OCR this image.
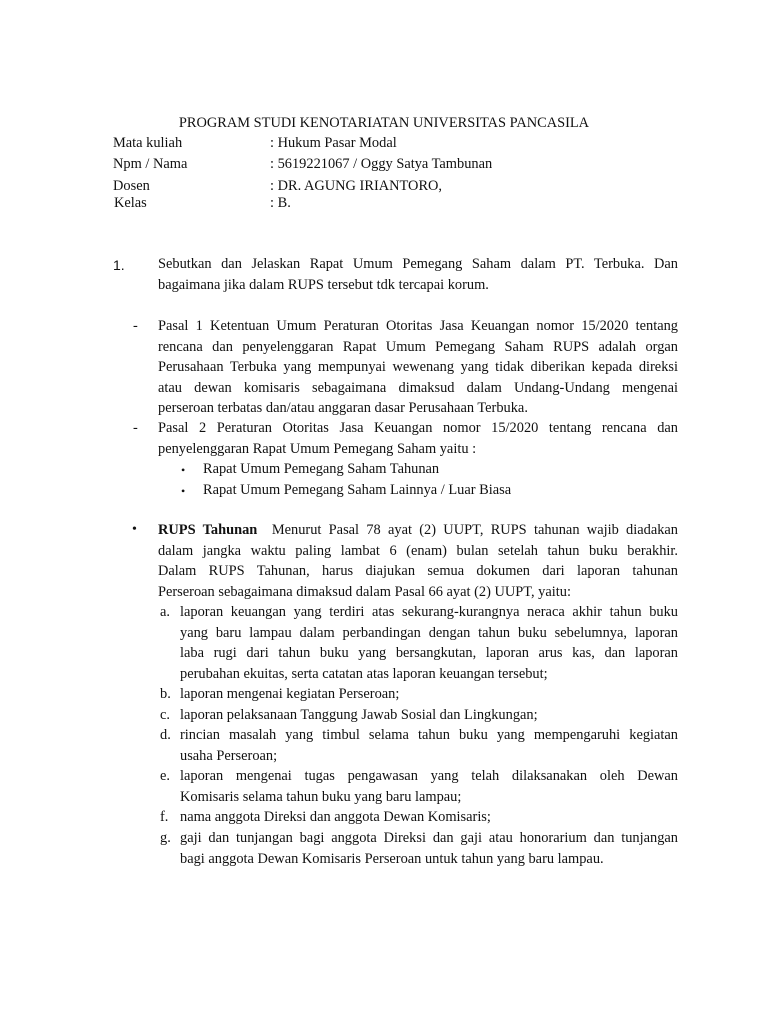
PROGRAM STUDI KENOTARIATAN UNIVERSITAS PANCASILA
Mata kuliah	: Hukum Pasar Modal
Npm / Nama	: 5619221067 / Oggy Satya Tambunan
Dosen	: DR. AGUNG IRIANTORO,
Kelas	: B.
1. Sebutkan dan Jelaskan Rapat Umum Pemegang Saham dalam PT. Terbuka. Dan
bagaimana jika dalam RUPS tersebut tdk tercapai korum.
- Pasal 1 Ketentuan Umum Peraturan Otoritas Jasa Keuangan nomor 15/2020 tentang
rencana dan penyelenggaran Rapat Umum Pemegang Saham RUPS adalah organ
Perusahaan Terbuka yang mempunyai wewenang yang tidak diberikan kepada direksi
atau dewan komisaris sebagaimana dimaksud dalam Undang-Undang mengenai
perseroan terbatas dan/atau anggaran dasar Perusahaan Terbuka.
- Pasal 2 Peraturan Otoritas Jasa Keuangan nomor 15/2020 tentang rencana dan
penyelenggaran Rapat Umum Pemegang Saham yaitu :
• Rapat Umum Pemegang Saham Tahunan
• Rapat Umum Pemegang Saham Lainnya / Luar Biasa
• RUPS Tahunan Menurut Pasal 78 ayat (2) UUPT, RUPS tahunan wajib diadakan
dalam jangka waktu paling lambat 6 (enam) bulan setelah tahun buku berakhir.
Dalam RUPS Tahunan, harus diajukan semua dokumen dari laporan tahunan
Perseroan sebagaimana dimaksud dalam Pasal 66 ayat (2) UUPT, yaitu:
a. laporan keuangan yang terdiri atas sekurang-kurangnya neraca akhir tahun buku
yang baru lampau dalam perbandingan dengan tahun buku sebelumnya, laporan
laba rugi dari tahun buku yang bersangkutan, laporan arus kas, dan laporan
perubahan ekuitas, serta catatan atas laporan keuangan tersebut;
b. laporan mengenai kegiatan Perseroan;
c. laporan pelaksanaan Tanggung Jawab Sosial dan Lingkungan;
d. rincian masalah yang timbul selama tahun buku yang mempengaruhi kegiatan
usaha Perseroan;
e. laporan mengenai tugas pengawasan yang telah dilaksanakan oleh Dewan
Komisaris selama tahun buku yang baru lampau;
f. nama anggota Direksi dan anggota Dewan Komisaris;
g. gaji dan tunjangan bagi anggota Direksi dan gaji atau honorarium dan tunjangan
bagi anggota Dewan Komisaris Perseroan untuk tahun yang baru lampau.
